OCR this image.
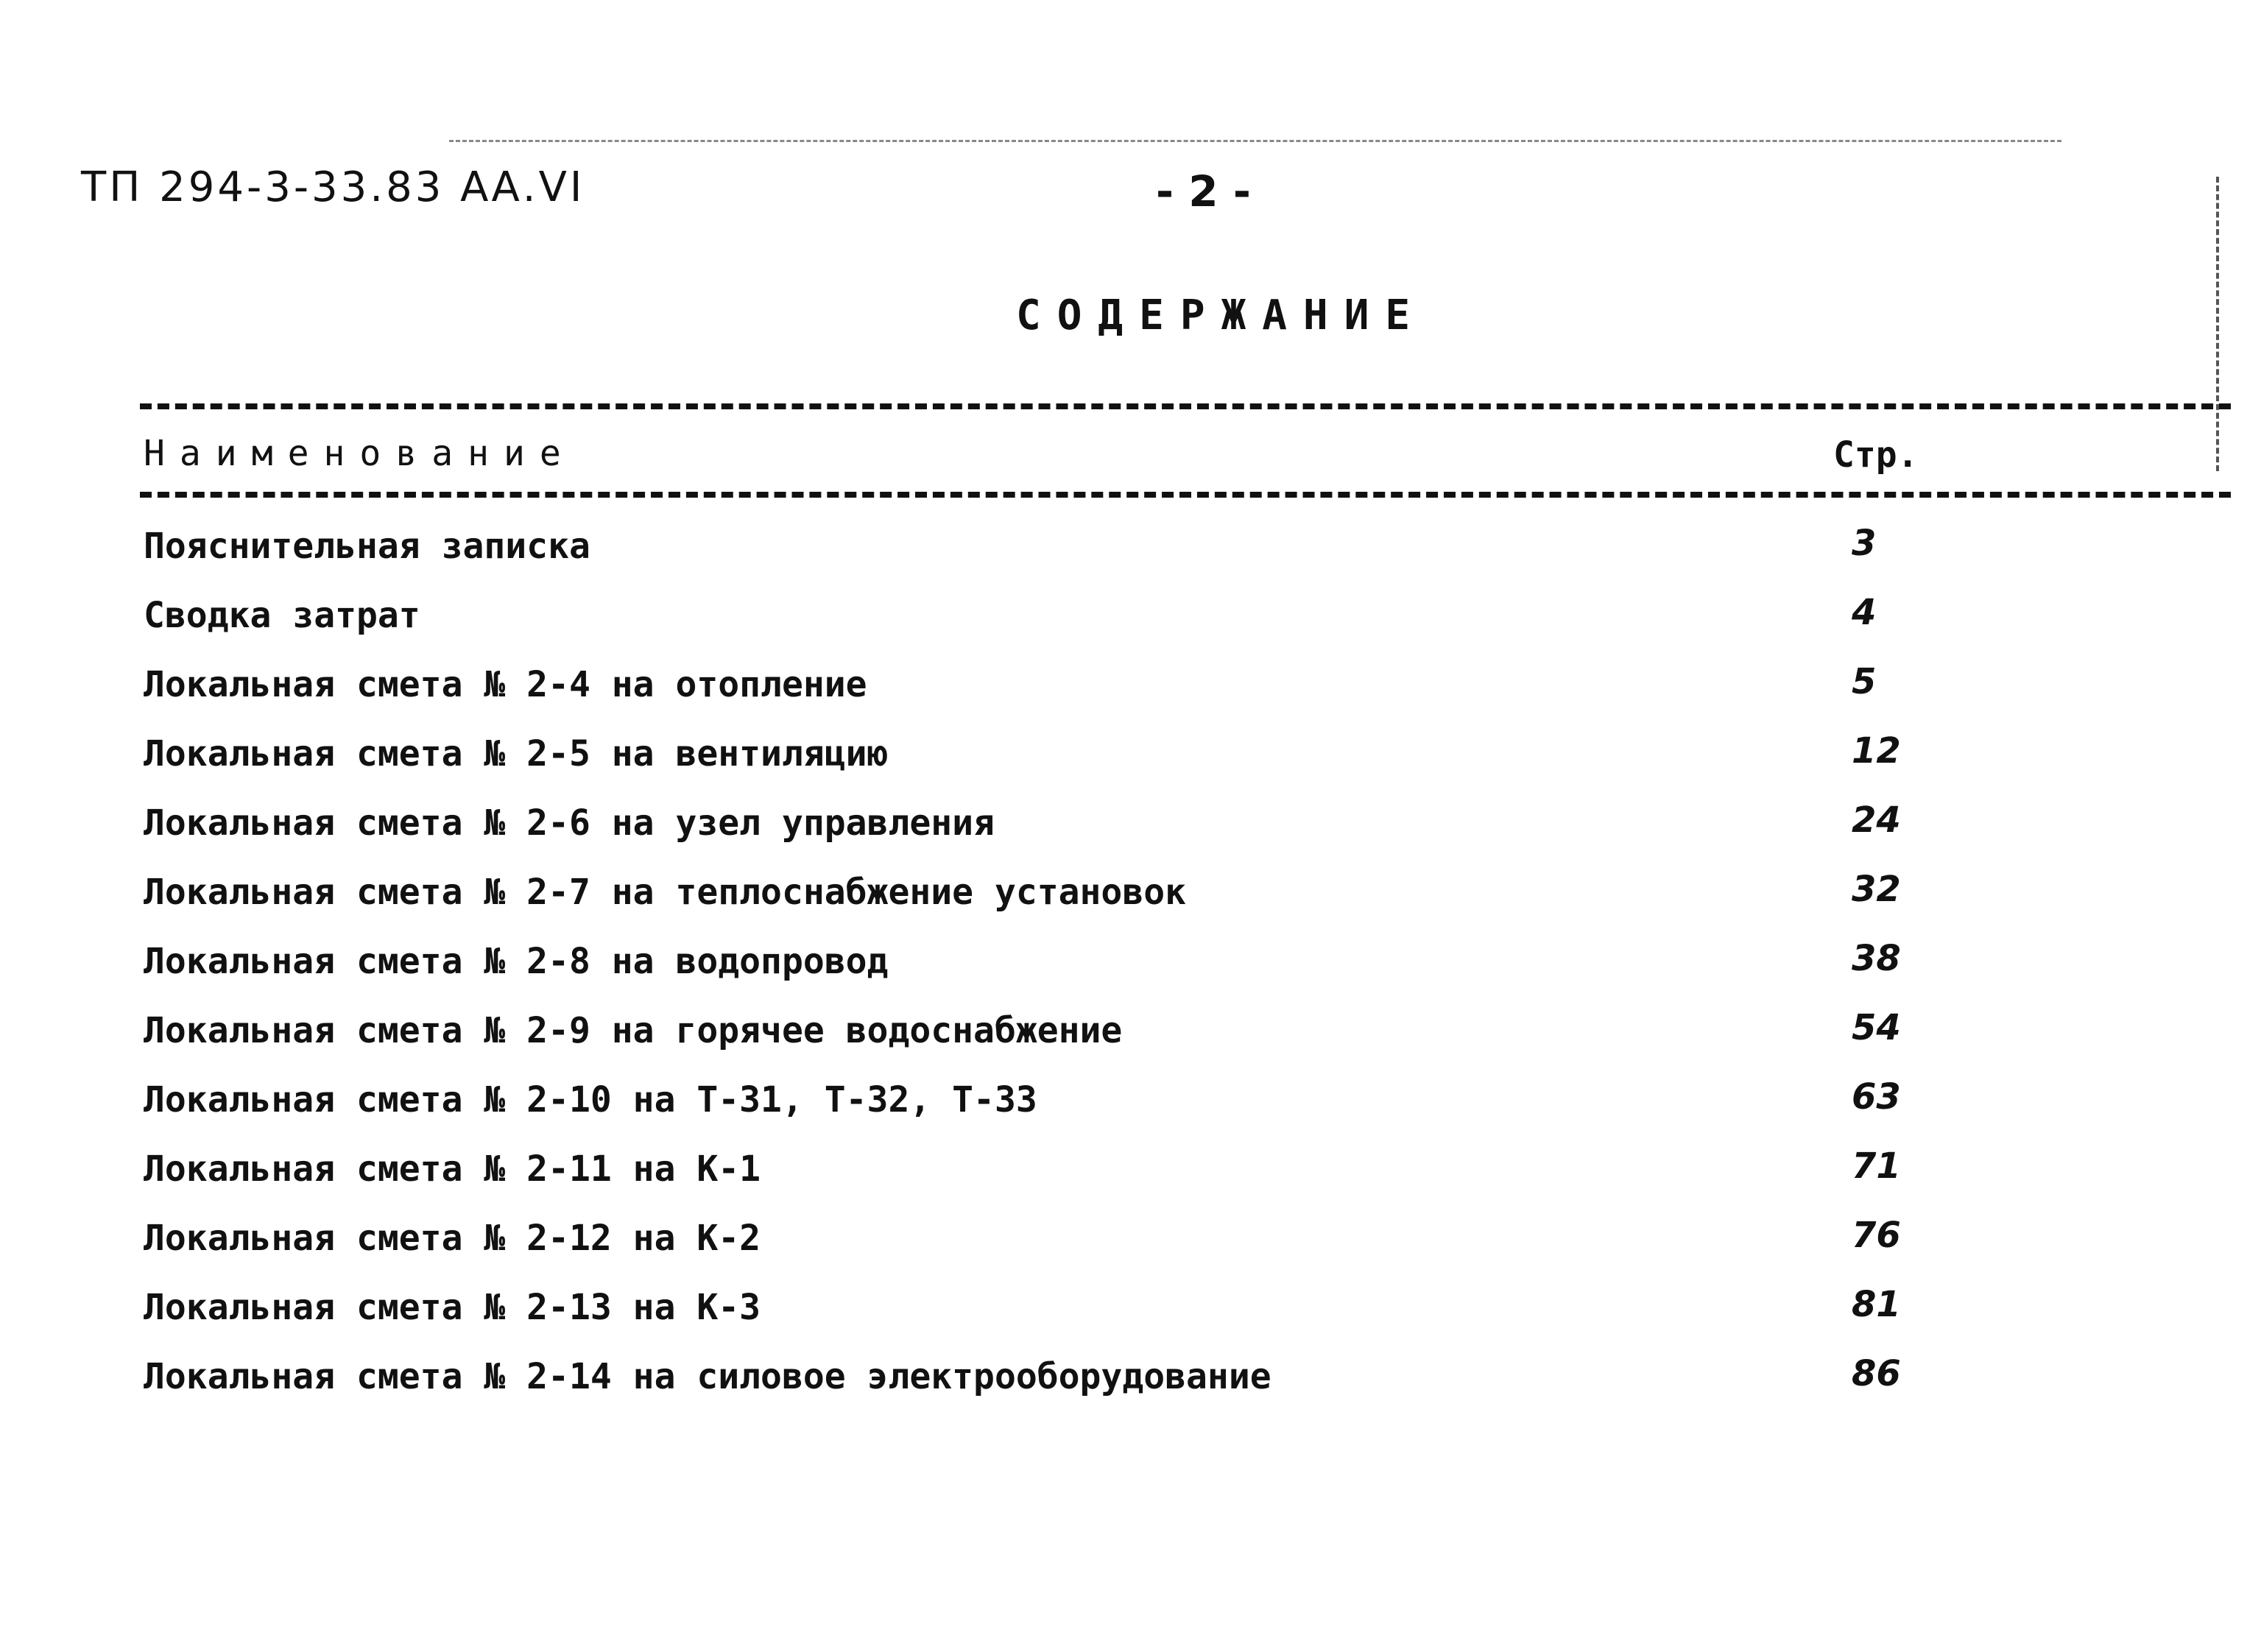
ТП 294-3-33.83 АА.VI	- 2 -
СОДЕРЖАНИЕ
Наименование	Стр.
Пояснительная записка	3
Сводка затрат	4
Локальная смета № 2-4 на отопление	5
Локальная смета № 2-5 на вентиляцию	12
Локальная смета № 2-6 на узел управления	24
Локальная смета № 2-7 на теплоснабжение установок	32
Локальная смета № 2-8 на водопровод	38
Локальная смета № 2-9 на горячее водоснабжение	54
Локальная смета № 2-10 на Т-31, Т-32, Т-33	63
Локальная смета № 2-11 на К-1	71
Локальная смета № 2-12 на К-2	76
Локальная смета № 2-13 на К-3	81
Локальная смета № 2-14 на силовое электрооборудование	86
